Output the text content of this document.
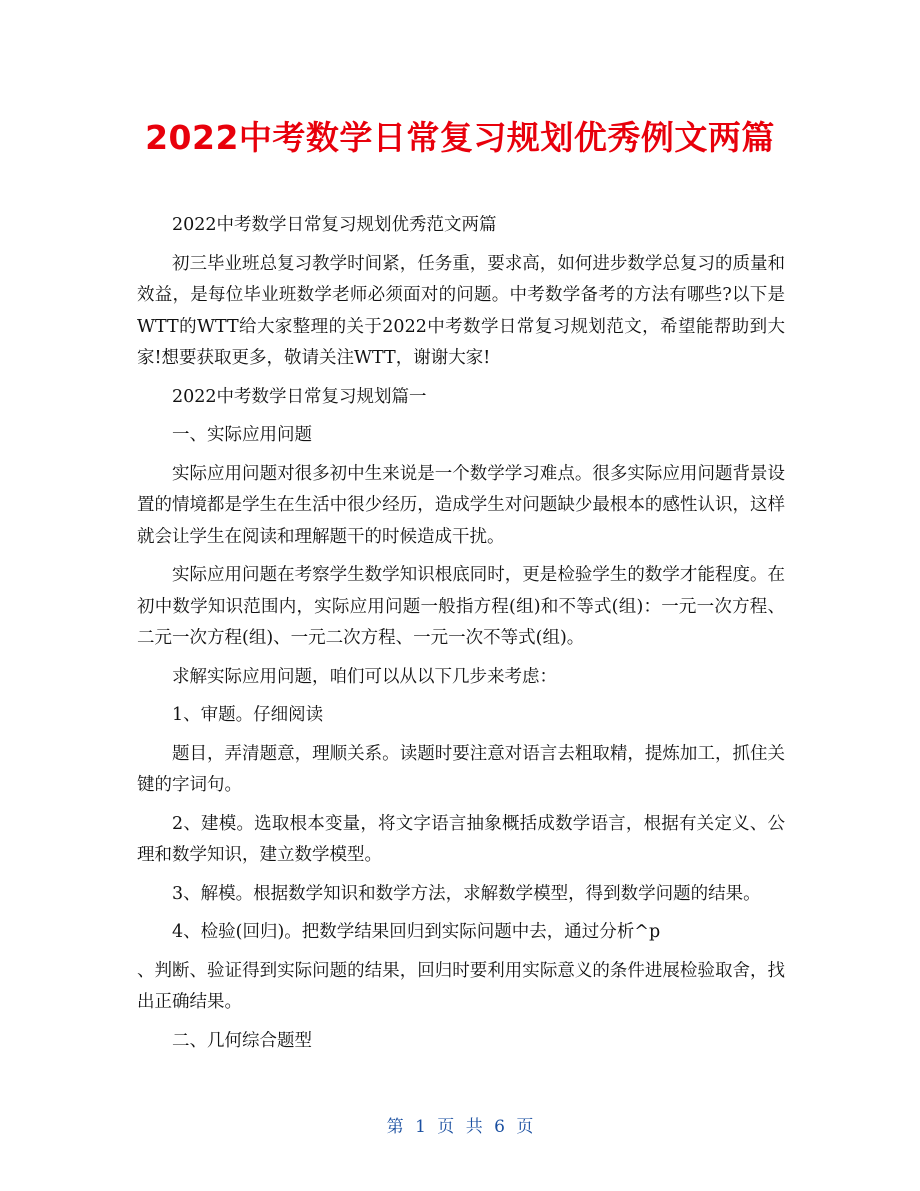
2022中考数学日常复习规划优秀例文两篇

2022中考数学日常复习规划优秀范文两篇

初三毕业班总复习教学时间紧，任务重，要求高，如何进步数学总复习的质量和效益，是每位毕业班数学老师必须面对的问题。中考数学备考的方法有哪些?以下是WTT的WTT给大家整理的关于2022中考数学日常复习规划范文，希望能帮助到大家!想要获取更多，敬请关注WTT，谢谢大家!

2022中考数学日常复习规划篇一

一、实际应用问题

实际应用问题对很多初中生来说是一个数学学习难点。很多实际应用问题背景设置的情境都是学生在生活中很少经历，造成学生对问题缺少最根本的感性认识，这样就会让学生在阅读和理解题干的时候造成干扰。

实际应用问题在考察学生数学知识根底同时，更是检验学生的数学才能程度。在初中数学知识范围内，实际应用问题一般指方程(组)和不等式(组)：一元一次方程、二元一次方程(组)、一元二次方程、一元一次不等式(组)。

求解实际应用问题，咱们可以从以下几步来考虑：

1、审题。仔细阅读

题目，弄清题意，理顺关系。读题时要注意对语言去粗取精，提炼加工，抓住关键的字词句。

2、建模。选取根本变量，将文字语言抽象概括成数学语言，根据有关定义、公理和数学知识，建立数学模型。

3、解模。根据数学知识和数学方法，求解数学模型，得到数学问题的结果。

4、检验(回归)。把数学结果回归到实际问题中去，通过分析^p

、判断、验证得到实际问题的结果，回归时要利用实际意义的条件进展检验取舍，找出正确结果。

二、几何综合题型

第 1 页 共 6 页
